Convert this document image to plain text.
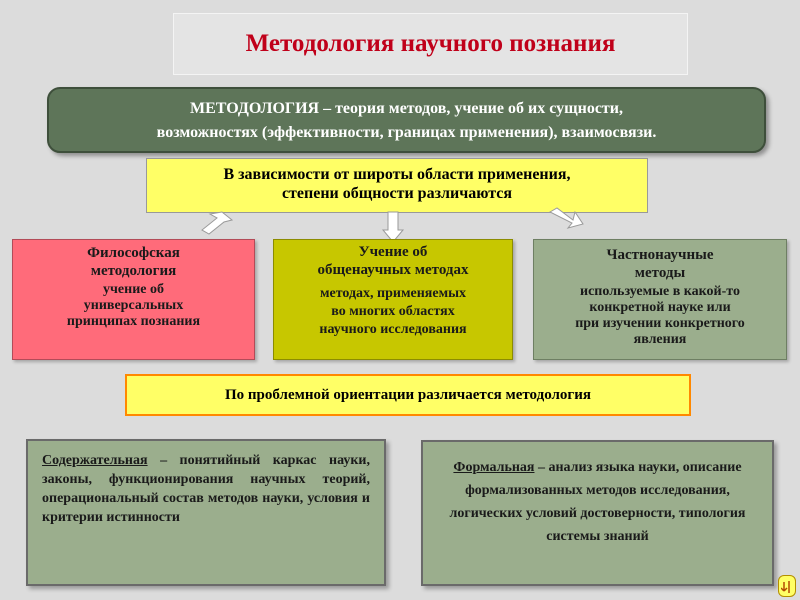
Методология научного познания
МЕТОДОЛОГИЯ – теория методов, учение об их сущности,
возможностях (эффективности, границах применения), взаимосвязи.
В зависимости от широты области применения,
степени общности различаются
Философская
методология
учение об
универсальных
принципах познания
Учение об
общенаучных методах
методах, применяемых
во многих областях
научного исследования
Частнонаучные
методы
используемые в какой-то
конкретной науке или
при изучении конкретного
явления
По проблемной ориентации различается методология
Содержательная – понятийный каркас науки, законы, функционирования научных теорий, операциональный состав методов науки, условия и критерии истинности
Формальная – анализ языка науки, описание формализованных методов исследования, логических условий достоверности, типология системы знаний
